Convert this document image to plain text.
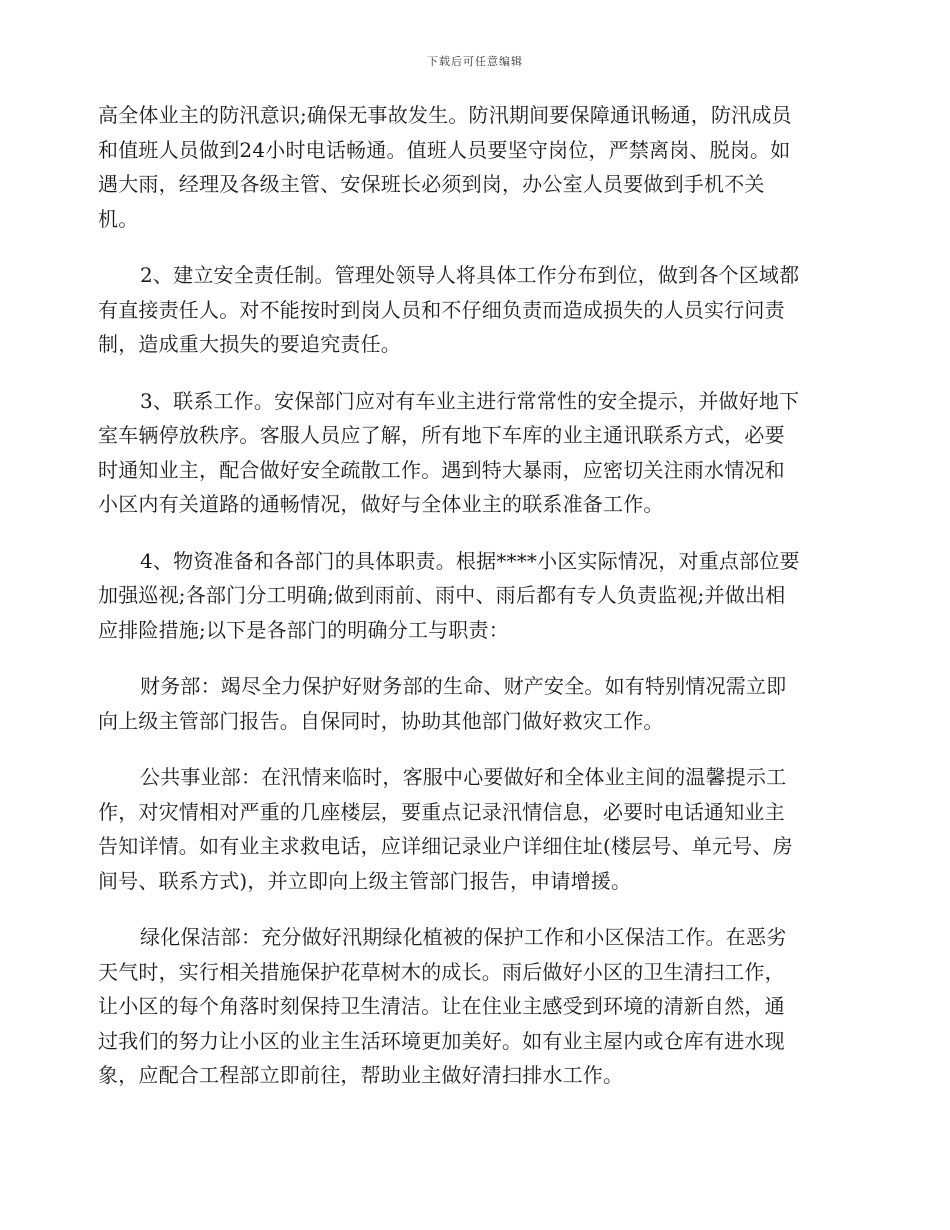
下载后可任意编辑

高全体业主的防汛意识;确保无事故发生。防汛期间要保障通讯畅通，防汛成员
和值班人员做到24小时电话畅通。值班人员要坚守岗位，严禁离岗、脱岗。如
遇大雨，经理及各级主管、安保班长必须到岗，办公室人员要做到手机不关
机。

2、建立安全责任制。管理处领导人将具体工作分布到位，做到各个区域都
有直接责任人。对不能按时到岗人员和不仔细负责而造成损失的人员实行问责
制，造成重大损失的要追究责任。

3、联系工作。安保部门应对有车业主进行常常性的安全提示，并做好地下
室车辆停放秩序。客服人员应了解，所有地下车库的业主通讯联系方式，必要
时通知业主，配合做好安全疏散工作。遇到特大暴雨，应密切关注雨水情况和
小区内有关道路的通畅情况，做好与全体业主的联系准备工作。

4、物资准备和各部门的具体职责。根据****小区实际情况，对重点部位要
加强巡视;各部门分工明确;做到雨前、雨中、雨后都有专人负责监视;并做出相
应排险措施;以下是各部门的明确分工与职责：

财务部：竭尽全力保护好财务部的生命、财产安全。如有特别情况需立即
向上级主管部门报告。自保同时，协助其他部门做好救灾工作。

公共事业部：在汛情来临时，客服中心要做好和全体业主间的温馨提示工
作，对灾情相对严重的几座楼层，要重点记录汛情信息，必要时电话通知业主
告知详情。如有业主求救电话，应详细记录业户详细住址(楼层号、单元号、房
间号、联系方式)，并立即向上级主管部门报告，申请增援。

绿化保洁部：充分做好汛期绿化植被的保护工作和小区保洁工作。在恶劣
天气时，实行相关措施保护花草树木的成长。雨后做好小区的卫生清扫工作，
让小区的每个角落时刻保持卫生清洁。让在住业主感受到环境的清新自然，通
过我们的努力让小区的业主生活环境更加美好。如有业主屋内或仓库有进水现
象，应配合工程部立即前往，帮助业主做好清扫排水工作。
